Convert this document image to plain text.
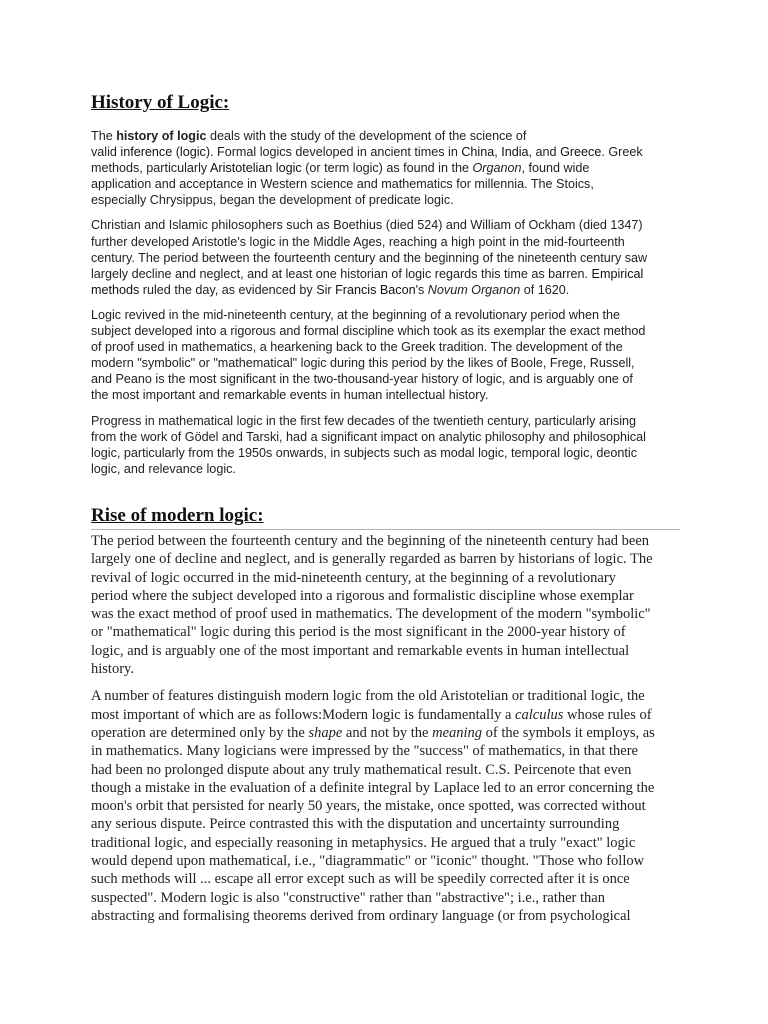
History of Logic:

The history of logic deals with the study of the development of the science of
valid inference (logic). Formal logics developed in ancient times in China, India, and Greece. Greek
methods, particularly Aristotelian logic (or term logic) as found in the Organon, found wide
application and acceptance in Western science and mathematics for millennia. The Stoics,
especially Chrysippus, began the development of predicate logic.

Christian and Islamic philosophers such as Boethius (died 524) and William of Ockham (died 1347)
further developed Aristotle's logic in the Middle Ages, reaching a high point in the mid-fourteenth
century. The period between the fourteenth century and the beginning of the nineteenth century saw
largely decline and neglect, and at least one historian of logic regards this time as barren. Empirical
methods ruled the day, as evidenced by Sir Francis Bacon's Novum Organon of 1620.

Logic revived in the mid-nineteenth century, at the beginning of a revolutionary period when the
subject developed into a rigorous and formal discipline which took as its exemplar the exact method
of proof used in mathematics, a hearkening back to the Greek tradition. The development of the
modern "symbolic" or "mathematical" logic during this period by the likes of Boole, Frege, Russell,
and Peano is the most significant in the two-thousand-year history of logic, and is arguably one of
the most important and remarkable events in human intellectual history.

Progress in mathematical logic in the first few decades of the twentieth century, particularly arising
from the work of Gödel and Tarski, had a significant impact on analytic philosophy and philosophical
logic, particularly from the 1950s onwards, in subjects such as modal logic, temporal logic, deontic
logic, and relevance logic.

Rise of modern logic:

The period between the fourteenth century and the beginning of the nineteenth century had been
largely one of decline and neglect, and is generally regarded as barren by historians of logic. The
revival of logic occurred in the mid-nineteenth century, at the beginning of a revolutionary
period where the subject developed into a rigorous and formalistic discipline whose exemplar
was the exact method of proof used in mathematics. The development of the modern "symbolic"
or "mathematical" logic during this period is the most significant in the 2000-year history of
logic, and is arguably one of the most important and remarkable events in human intellectual
history.

A number of features distinguish modern logic from the old Aristotelian or traditional logic, the
most important of which are as follows:Modern logic is fundamentally a calculus whose rules of
operation are determined only by the shape and not by the meaning of the symbols it employs, as
in mathematics. Many logicians were impressed by the "success" of mathematics, in that there
had been no prolonged dispute about any truly mathematical result. C.S. Peircenote that even
though a mistake in the evaluation of a definite integral by Laplace led to an error concerning the
moon's orbit that persisted for nearly 50 years, the mistake, once spotted, was corrected without
any serious dispute. Peirce contrasted this with the disputation and uncertainty surrounding
traditional logic, and especially reasoning in metaphysics. He argued that a truly "exact" logic
would depend upon mathematical, i.e., "diagrammatic" or "iconic" thought. "Those who follow
such methods will ... escape all error except such as will be speedily corrected after it is once
suspected". Modern logic is also "constructive" rather than "abstractive"; i.e., rather than
abstracting and formalising theorems derived from ordinary language (or from psychological
